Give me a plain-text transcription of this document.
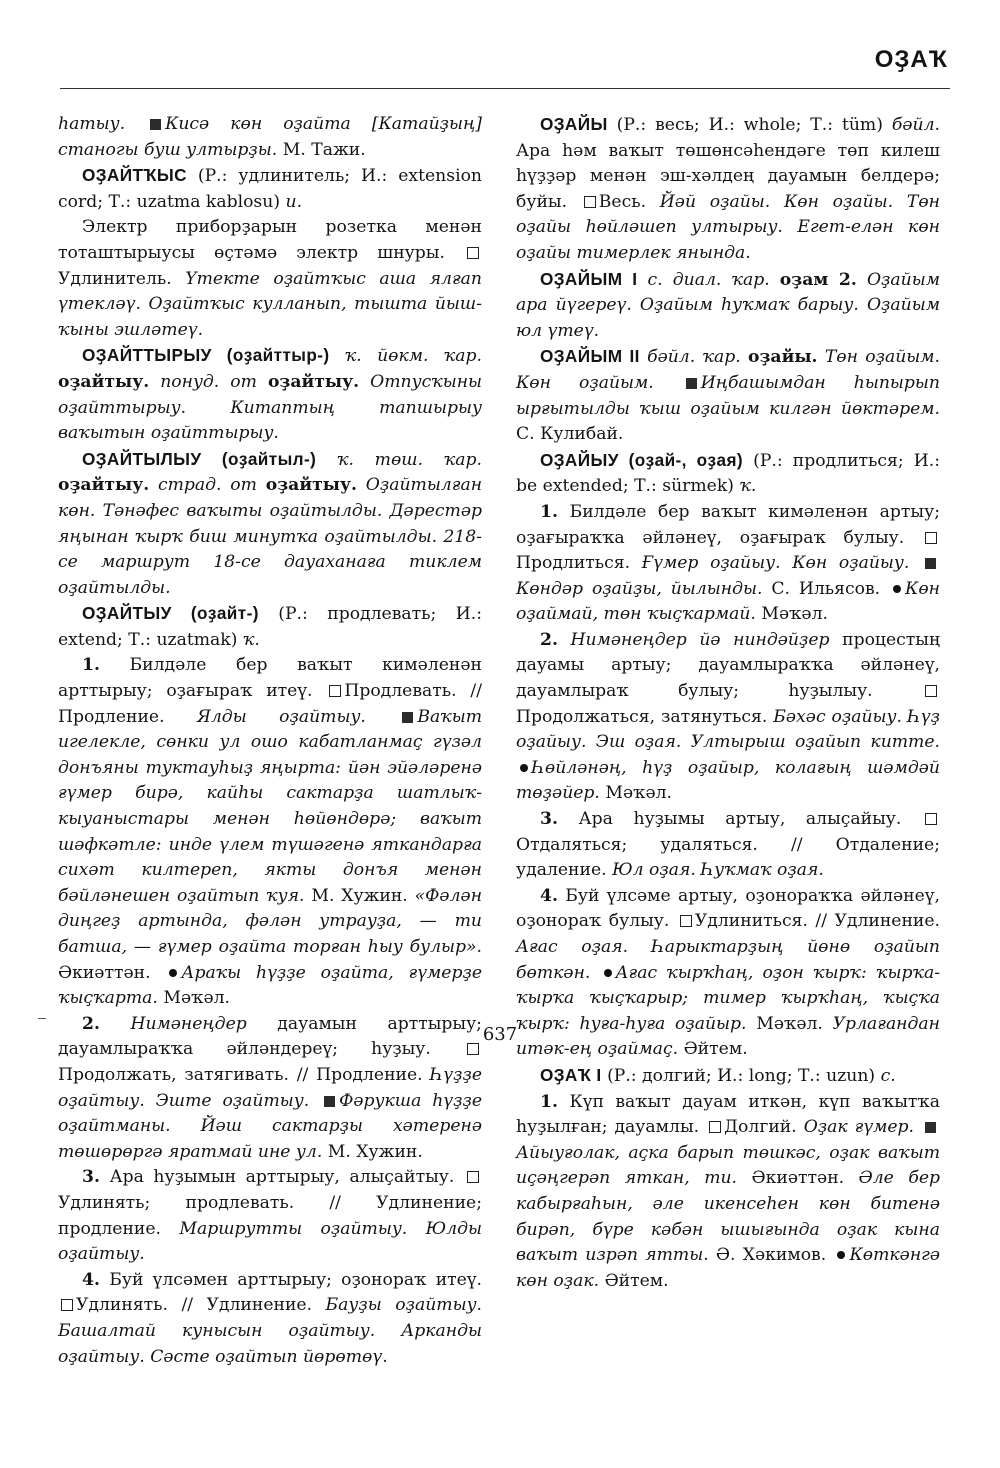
ОҘАҠ

hатыу. Кисә көн оҙайта [Катайҙың] станогы буш ултырҙы. М. Тажи.

ОҘАЙТҠЫС (Р.: удлинитель; И.: extension cord; Т.: uzatma kablosu) и.

Электр приборҙарын розетка менән тоташтырыусы өҫтәмә электр шнуры. Удлинитель. Үтекте оҙайтҡыс аша ялғап үтекләү. Оҙайтҡыс кулланып, тышта йыш-ҡыны эшләтеү.

ОҘАЙТТЫРЫУ (оҙайттыр-) ҡ. йөкм. ҡар. оҙайтыу. понуд. от оҙайтыу. Отпусҡыны оҙайттырыу. Китаптың тапшырыу ваҡытын оҙайттырыу.

ОҘАЙТЫЛЫУ (оҙайтыл-) ҡ. төш. ҡар. оҙайтыу. страд. от оҙайтыу. Оҙайтылған көн. Тәнәфес ваҡыты оҙайтылды. Дәрестәр яңынан ҡырҡ биш минутҡа оҙайтылды. 218-се маршрут 18-се дауаханаға тиклем оҙайтылды.

ОҘАЙТЫУ (оҙайт-) (Р.: продлевать; И.: extend; Т.: uzatmak) ҡ.

1. Билдәле бер ваҡыт кимәленән арттырыу; оҙағыраҡ итеү. Продлевать. // Продление. Ялды оҙайтыу.	Ваҡыт игелекле, сөнки ул ошо кабатланмаҫ гүзәл донъяны туктауһыҙ яңырта: йән эйәләренә ғүмер бирә, кайһы сактарҙа шатлыҡ-кыуаныстары менән һөйөндөрә; ваҡыт шәфкәтле: инде үлем түшәгенә яткандарға сихәт килтереп, якты донъя менән бәйләнешен оҙайтып ҡуя. М. Хужин. «Фәлән диңгеҙ артында, фәлән утрауҙа, — ти батша, — ғүмер оҙайта торған һыу булыр». Әкиәттән. Араҡы һүҙҙе оҙайта, ғүмерҙе ҡыҫҡарта. Мәҡәл.

2. Нимәнеңдер дауамын арттырыу; дауамлыраҡҡа әйләндереү; һуҙыу. Продолжать, затягивать. // Продление. Һүҙҙе оҙайтыу. Эште оҙайтыу. Фәрукша һүҙҙе оҙайтманы. Йәш сактарҙы хәтеренә төшөрөргә яратмай ине ул. М. Хужин.

3. Ара һуҙымын арттырыу, алыҫайтыу. Удлинять; продлевать. // Удлинение; продление. Маршрутты оҙайтыу. Юлды оҙайтыу.

4. Буй үлсәмен арттырыу; оҙонораҡ итеү. Удлинять. // Удлинение. Бауҙы оҙайтыу. Башалтай кунысын оҙайтыу. Арканды оҙайтыу. Сәсте оҙайтып йөрөтөү.

ОҘАЙЫ (Р.: весь; И.: whole; Т.: tüm) бәйл. Ара һәм ваҡыт төшөнсәһендәге төп килеш һүҙҙәр менән эш-хәлдең дауамын белдерә; буйы. Весь. Йәй оҙайы. Көн оҙайы. Төн оҙайы һөйләшеп ултырыу. Егет-елән көн оҙайы тимерлек янында.

ОҘАЙЫМ I с. диал. ҡар. оҙам 2. Оҙайым ара йүгереү. Оҙайым һуҡмаҡ барыу. Оҙайым юл үтеү.

ОҘАЙЫМ II бәйл. ҡар. оҙайы. Төн оҙайым. Көн оҙайым.	Иңбашымдан һыпырып ырғытылды ҡыш оҙайым килгән йөктәрем. С. Кулибай.

ОҘАЙЫУ (оҙай-, оҙая) (Р.: продлиться; И.: be extended; Т.: sürmek) ҡ.

1. Билдәле бер ваҡыт кимәленән артыу; оҙағыраҡҡа әйләнеү, оҙағыраҡ булыу. Продлиться. Ғүмер оҙайыу. Көн оҙайыу. Көндәр оҙайҙы, йылынды. С. Ильясов. Көн оҙаймай, төн ҡыҫҡармай. Мәҡәл.

2. Нимәнеңдер йә ниндәйҙер процестың дауамы артыу; дауамлыраҡҡа әйләнеү, дауамлыраҡ булыу; һуҙылыу. Продолжаться, затянуться. Бәхәс оҙайыу. Һүҙ оҙайыу. Эш оҙая. Ултырыш оҙайып китте. Һөйләнәң, һүҙ оҙайыр, колағың шәмдәй төҙәйер. Мәҡәл.

3. Ара һуҙымы артыу, алыҫайыу. Отдаляться; удаляться. // Отдаление; удаление. Юл оҙая. Һуҡмаҡ оҙая.

4. Буй үлсәме артыу, оҙонораҡҡа әйләнеү, оҙонораҡ булыу. Удлиниться. // Удлинение. Ағас оҙая. Һарыктарҙың йөнө оҙайып бөткән. Ағас ҡырҡһаң, оҙон ҡырҡ: ҡырҡа-ҡырҡа ҡыҫҡарыр; тимер ҡырҡһаң, ҡыҫҡа ҡырҡ: һуға-һуға оҙайыр. Мәҡәл. Урлағандан итәк-ең оҙаймаҫ. Әйтем.

ОҘАҠ I (Р.: долгий; И.: long; Т.: uzun) с.

1. Күп ваҡыт дауам иткән, күп ваҡытҡа һуҙылған; дауамлы. Долгий. Оҙак ғүмер. Айыуғолак, аҫка барып төшкәс, оҙак ваҡыт иҫәңгерәп яткан, ти. Әкиәттән. Әле бер кабырғаһын, әле икенсеһен көн битенә бирәп, бүре кәбән ышығында оҙак кына ваҡыт изрәп ятты. Ә. Хәкимов. Көткәнгә көн оҙак. Әйтем.

637
